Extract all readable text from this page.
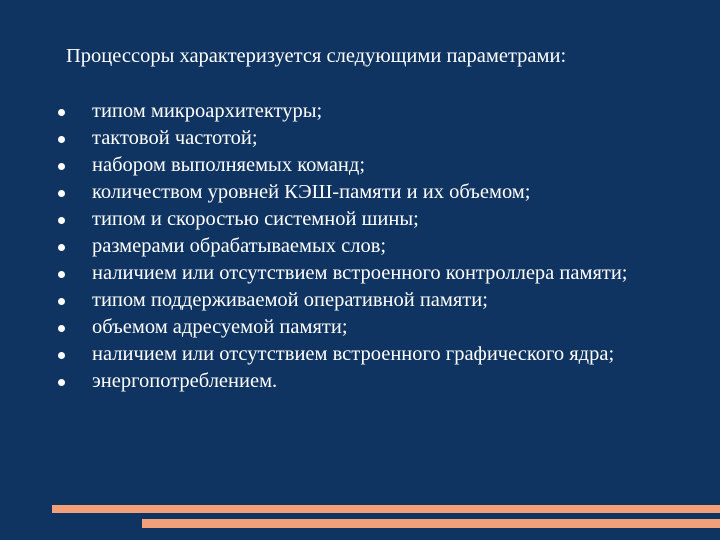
Процессоры характеризуется следующими параметрами:
типом микроархитектуры;
тактовой частотой;
набором выполняемых команд;
количеством уровней КЭШ-памяти и их объемом;
типом и скоростью системной шины;
размерами обрабатываемых слов;
наличием или отсутствием встроенного контроллера памяти;
типом поддерживаемой оперативной памяти;
объемом адресуемой памяти;
наличием или отсутствием встроенного графического ядра;
энергопотреблением.
